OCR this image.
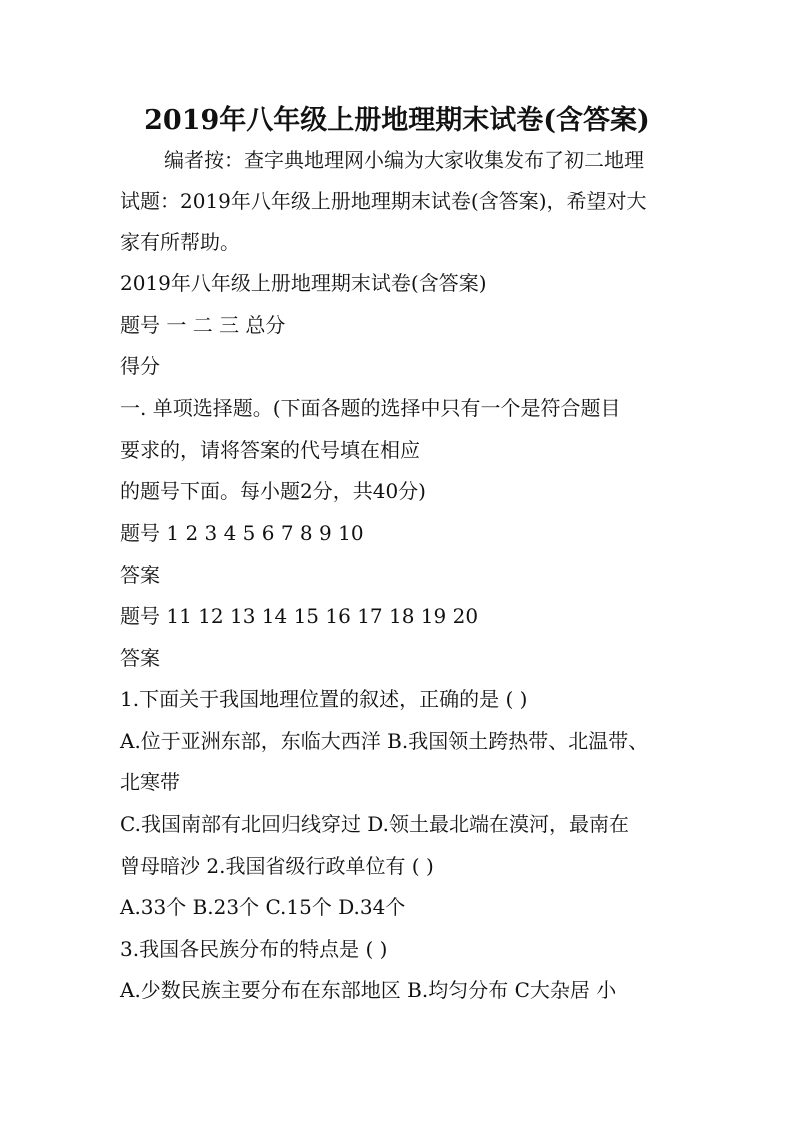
2019年八年级上册地理期末试卷(含答案)
编者按：查字典地理网小编为大家收集发布了初二地理
试题：2019年八年级上册地理期末试卷(含答案)，希望对大
家有所帮助。
2019年八年级上册地理期末试卷(含答案)
题号 一 二 三 总分
得分
一. 单项选择题。(下面各题的选择中只有一个是符合题目
要求的，请将答案的代号填在相应
的题号下面。每小题2分，共40分)
题号 1 2 3 4 5 6 7 8 9 10
答案
题号 11 12 13 14 15 16 17 18 19 20
答案
1.下面关于我国地理位置的叙述，正确的是 ( )
A.位于亚洲东部，东临大西洋 B.我国领土跨热带、北温带、
北寒带
C.我国南部有北回归线穿过 D.领土最北端在漠河，最南在
曾母暗沙 2.我国省级行政单位有 ( )
A.33个 B.23个 C.15个 D.34个
3.我国各民族分布的特点是 ( )
A.少数民族主要分布在东部地区 B.均匀分布 C大杂居 小
